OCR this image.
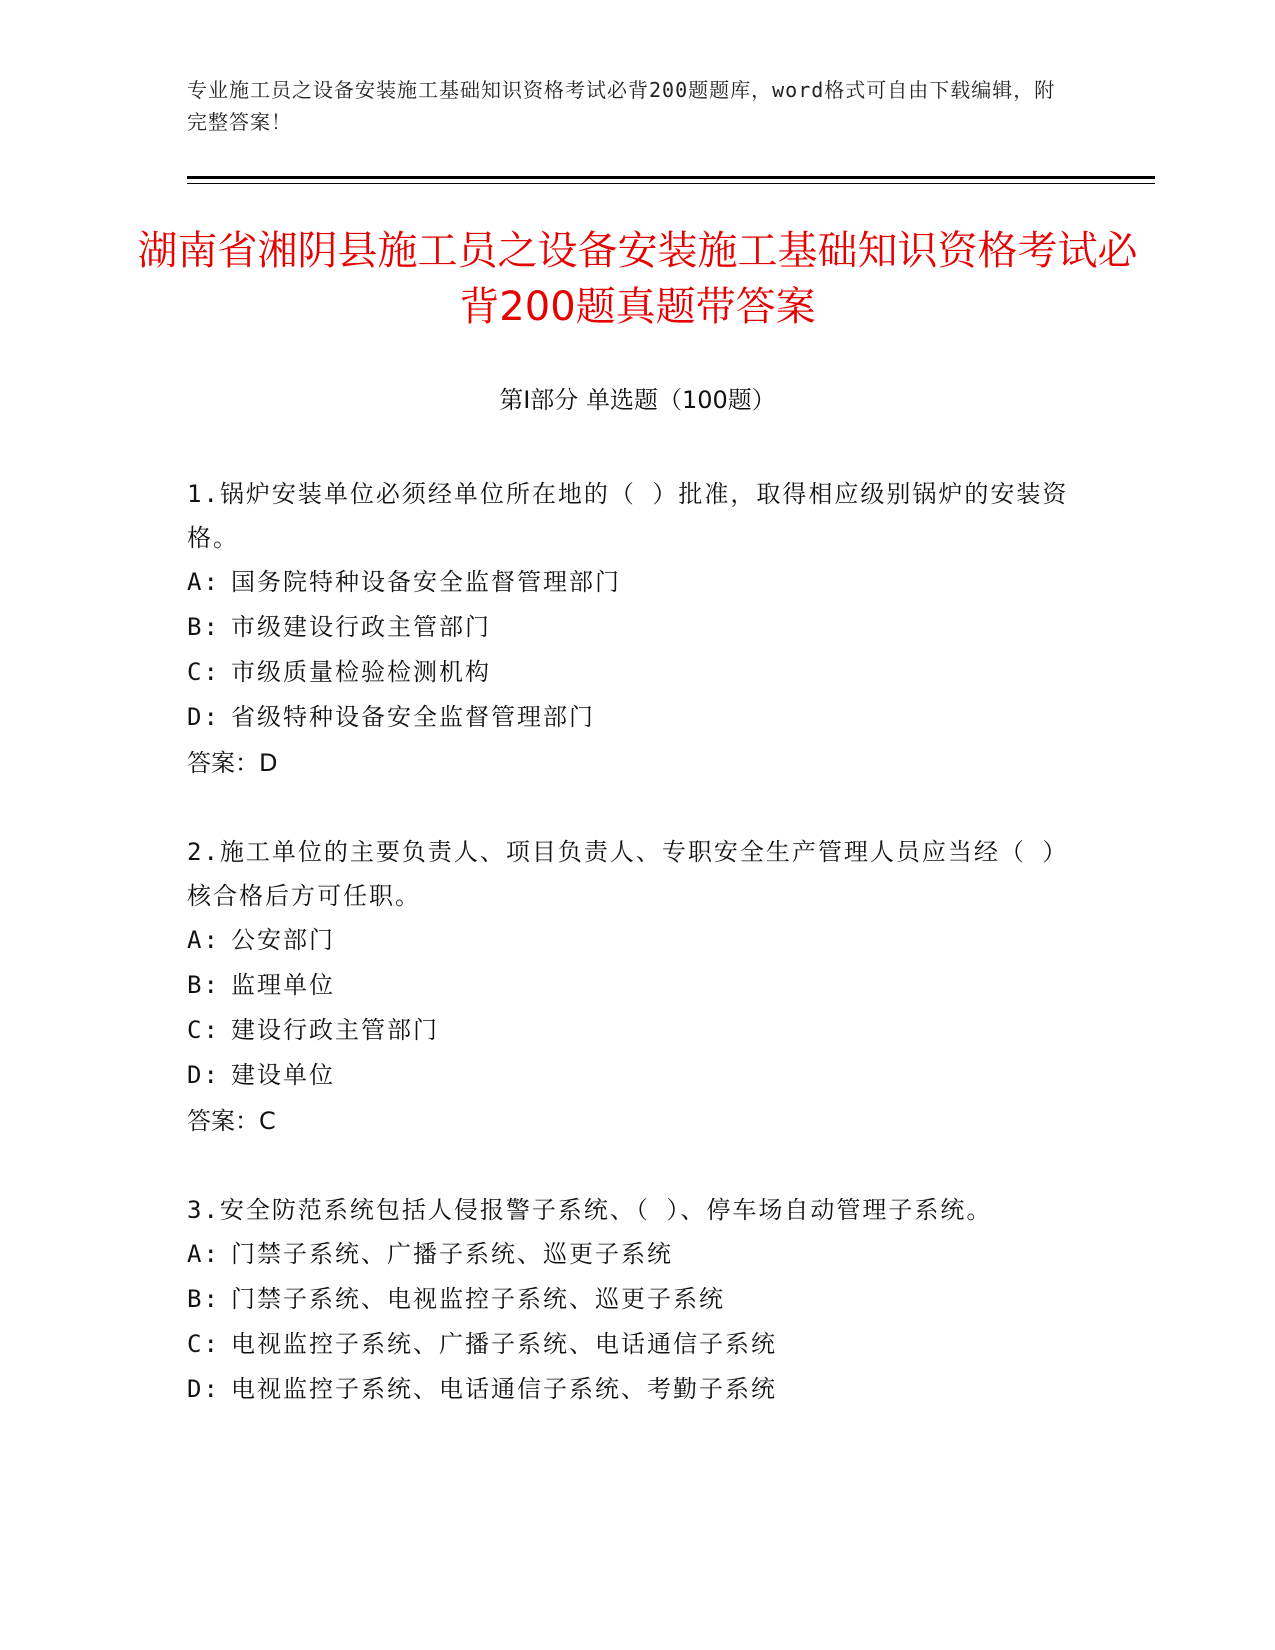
专业施工员之设备安装施工基础知识资格考试必背200题题库，word格式可自由下载编辑，附完整答案！
湖南省湘阴县施工员之设备安装施工基础知识资格考试必背200题真题带答案
第Ⅰ部分 单选题（100题）

1.锅炉安装单位必须经单位所在地的（ ）批准，取得相应级别锅炉的安装资格。

A: 国务院特种设备安全监督管理部门

B: 市级建设行政主管部门

C: 市级质量检验检测机构

D: 省级特种设备安全监督管理部门

答案：D

2.施工单位的主要负责人、项目负责人、专职安全生产管理人员应当经（ ）核合格后方可任职。

A: 公安部门

B: 监理单位

C: 建设行政主管部门

D: 建设单位

答案：C

3.安全防范系统包括人侵报警子系统、（ ）、停车场自动管理子系统。

A: 门禁子系统、广播子系统、巡更子系统

B: 门禁子系统、电视监控子系统、巡更子系统

C: 电视监控子系统、广播子系统、电话通信子系统

D: 电视监控子系统、电话通信子系统、考勤子系统
